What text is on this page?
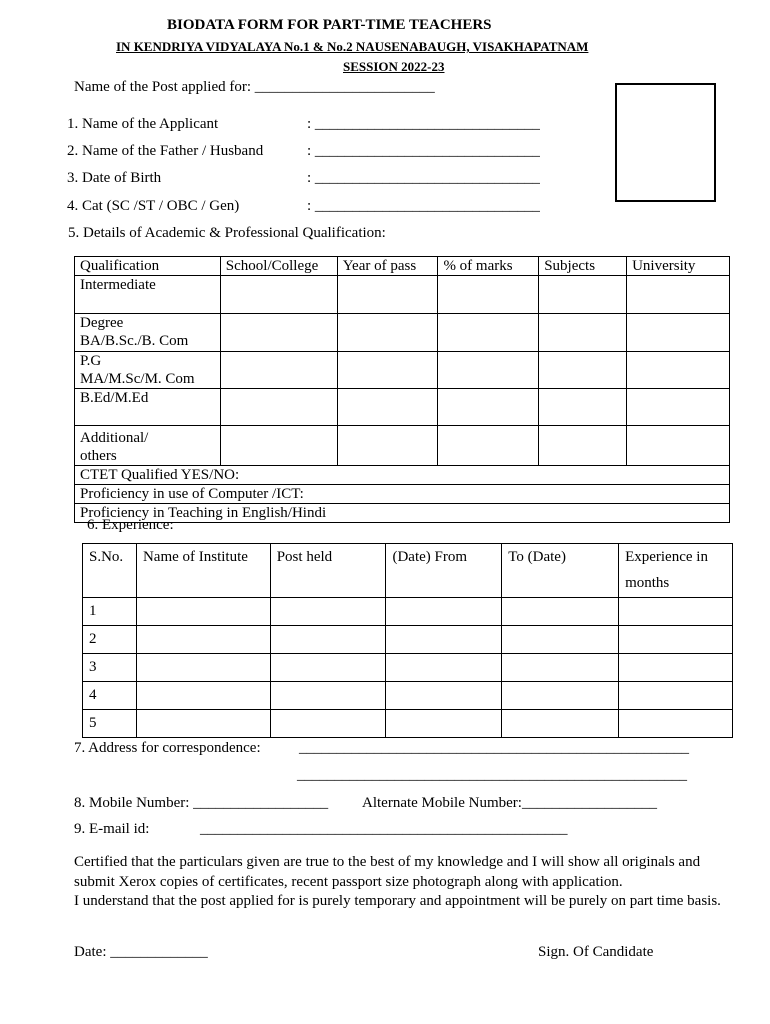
BIODATA FORM FOR PART-TIME TEACHERS
IN KENDRIYA VIDYALAYA No.1 & No.2 NAUSENABAUGH, VISAKHAPATNAM
SESSION 2022-23
Name of the Post applied for: ________________________
1. Name of the Applicant	: ______________________________
2. Name of the Father / Husband	: ______________________________
3. Date of Birth	: ______________________________
4. Cat (SC /ST / OBC / Gen)	: ______________________________
5. Details of Academic & Professional Qualification:
Qualification	School/College	Year of pass	% of marks	Subjects	University

Intermediate					

Degree
BA/B.Sc./B. Com					

P.G
MA/M.Sc/M. Com					

B.Ed/M.Ed					

Additional/
others					

CTET Qualified YES/NO:					
Proficiency in use of Computer /ICT:					
Proficiency in Teaching in English/Hindi					
6. Experience:
S.No.	Name of Institute	Post held	(Date) From	To (Date)	Experience in
months

1					
2					
3					
4					
5					
7. Address for correspondence:	____________________________________________________
____________________________________________________
8. Mobile Number: __________________ Alternate Mobile Number:__________________
9. E-mail id:	_________________________________________________
Certified that the particulars given are true to the best of my knowledge and I will show all originals and submit Xerox copies of certificates, recent passport size photograph along with application.
I understand that the post applied for is purely temporary and appointment will be purely on part time basis.
Date: _____________	Sign. Of Candidate
